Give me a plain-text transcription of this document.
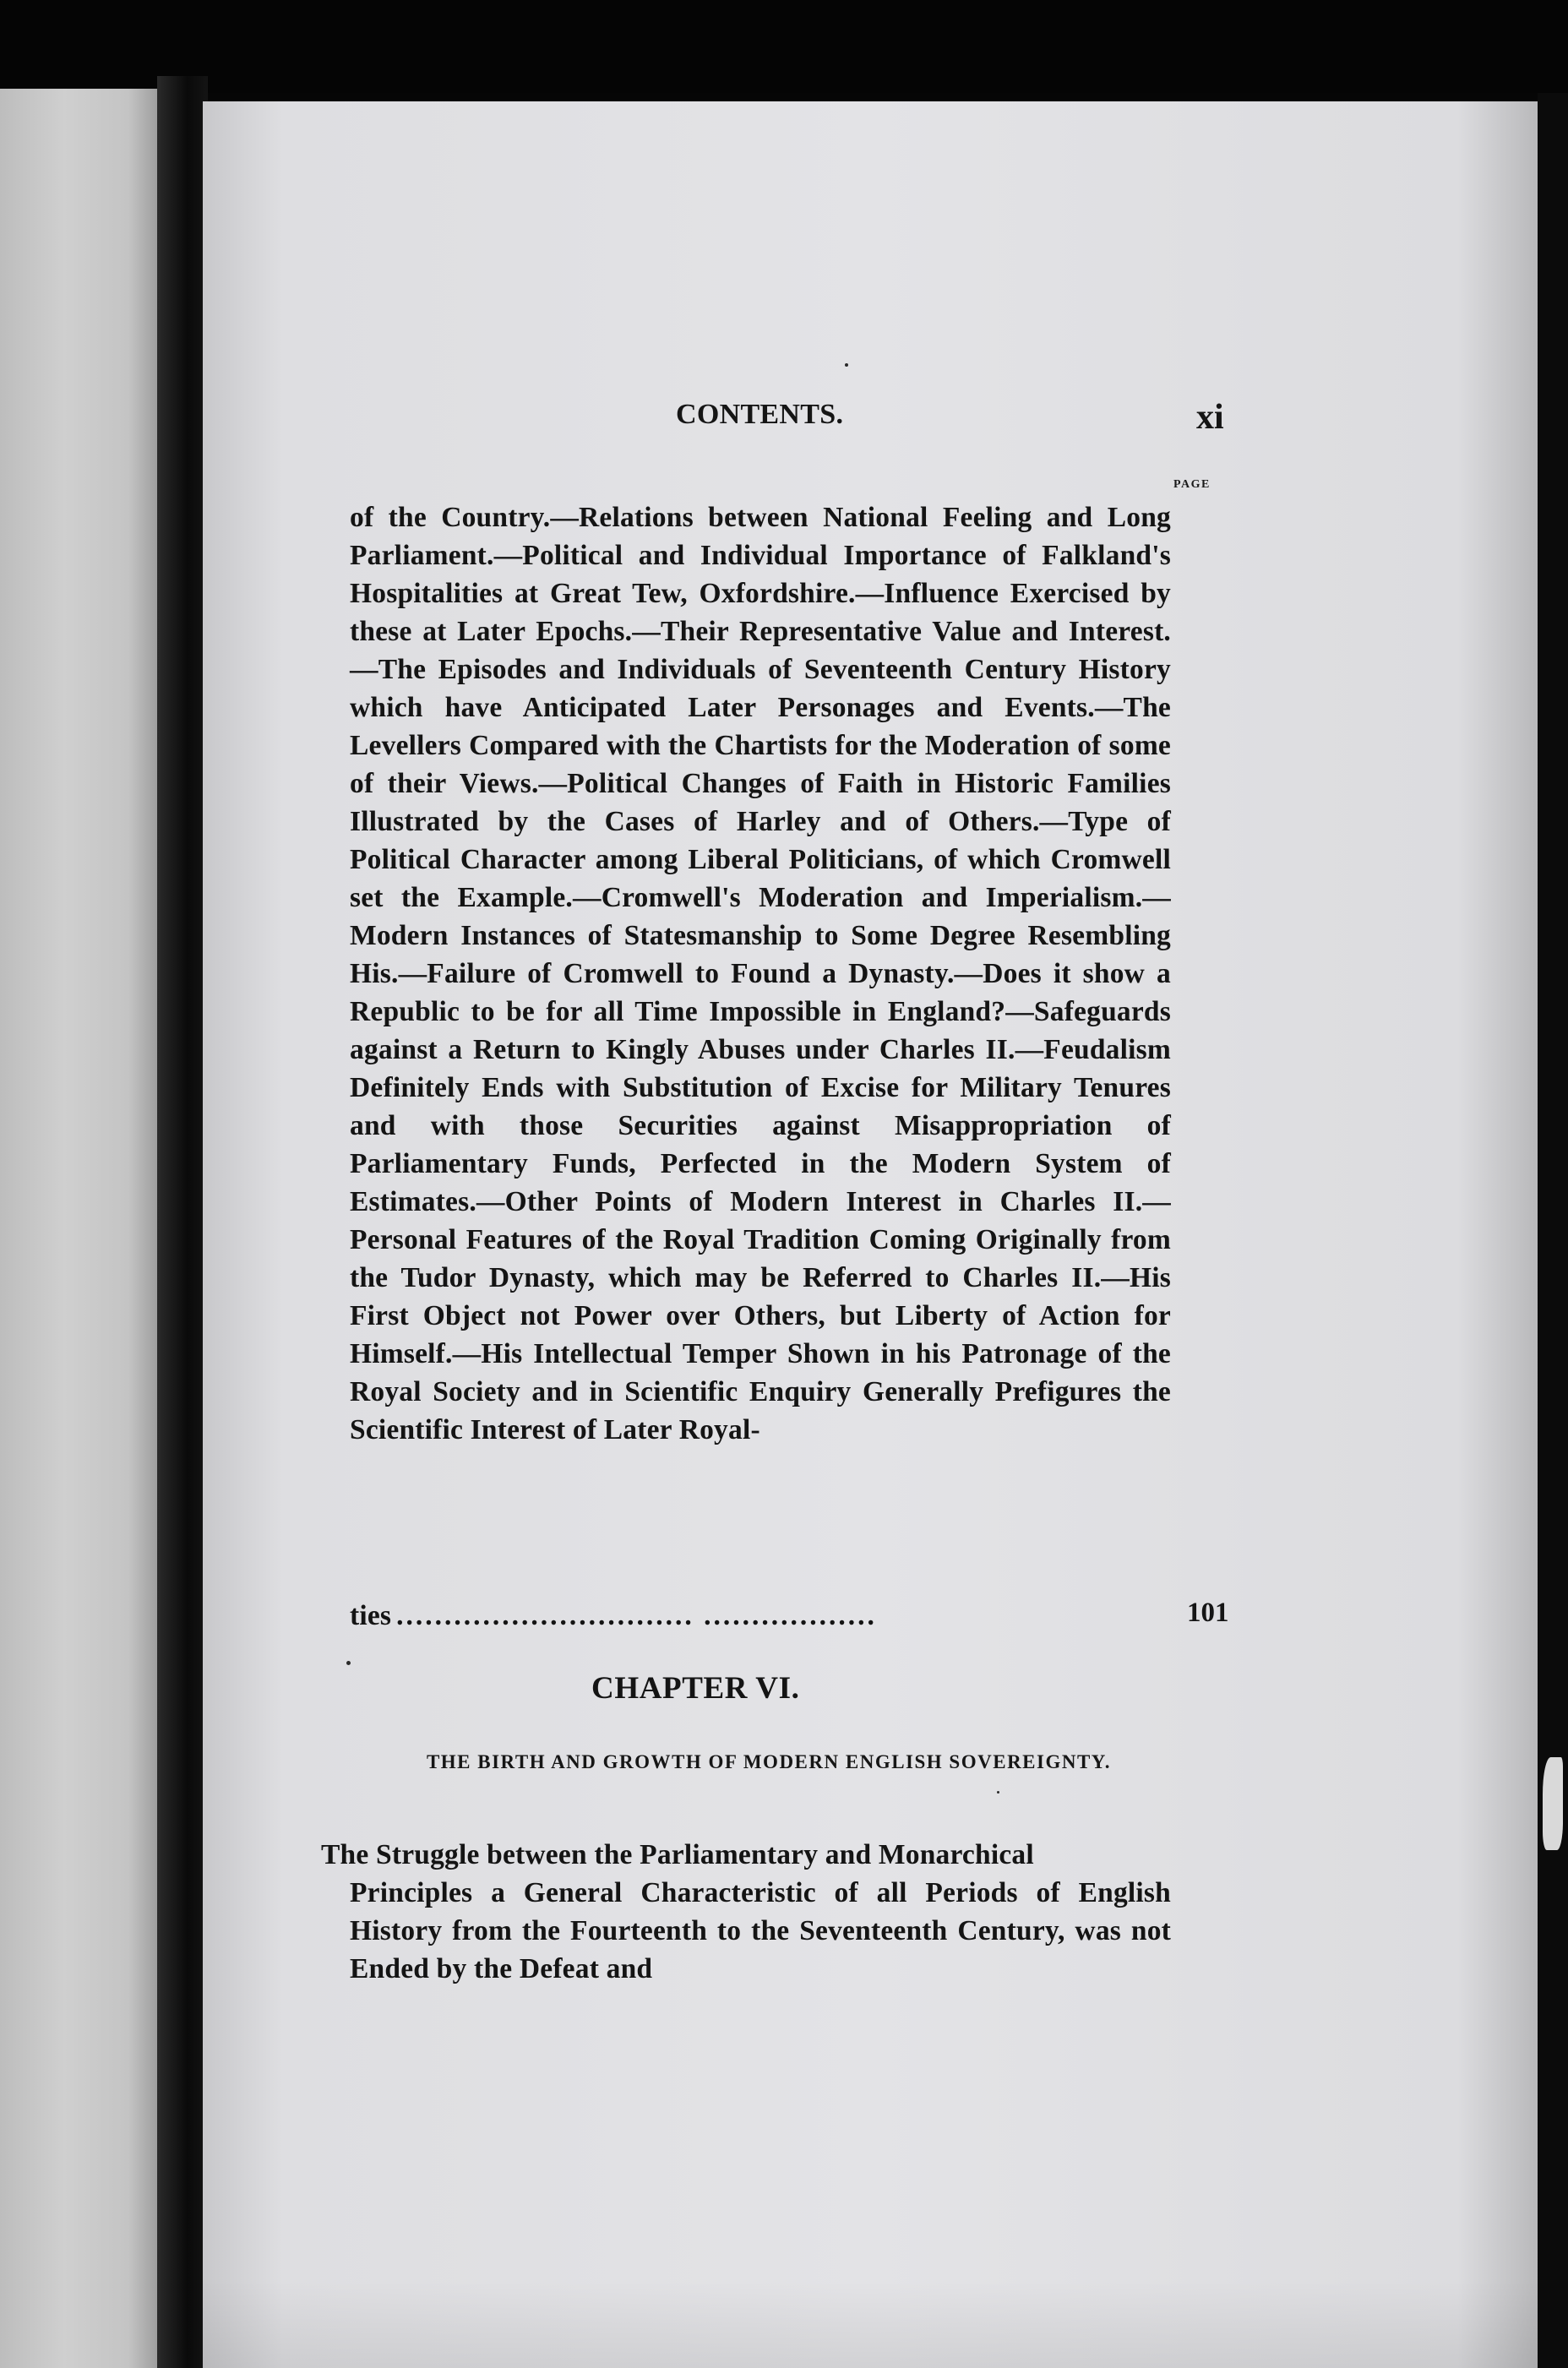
CONTENTS.	xi
PAGE
of the Country.—Relations between National Feeling and Long Parliament.—Political and Individual Importance of Falkland's Hospitalities at Great Tew, Oxfordshire.—Influence Exercised by these at Later Epochs.—Their Representative Value and Interest.—The Episodes and Individuals of Seventeenth Century History which have Anticipated Later Personages and Events.—The Levellers Compared with the Chartists for the Moderation of some of their Views.—Political Changes of Faith in Historic Families Illustrated by the Cases of Harley and of Others.—Type of Political Character among Liberal Politicians, of which Cromwell set the Example.—Cromwell's Moderation and Imperialism.—Modern Instances of Statesmanship to Some Degree Resembling His.—Failure of Cromwell to Found a Dynasty.—Does it show a Republic to be for all Time Impossible in England?—Safeguards against a Return to Kingly Abuses under Charles II.—Feudalism Definitely Ends with Substitution of Excise for Military Tenures and with those Securities against Misappropriation of Parliamentary Funds, Perfected in the Modern System of Estimates.—Other Points of Modern Interest in Charles II.—Personal Features of the Royal Tradition Coming Originally from the Tudor Dynasty, which may be Referred to Charles II.—His First Object not Power over Others, but Liberty of Action for Himself.—His Intellectual Temper Shown in his Patronage of the Royal Society and in Scientific Enquiry Generally Prefigures the Scientific Interest of Later Royal-
ties ............................... ..................	101
CHAPTER VI.
THE BIRTH AND GROWTH OF MODERN ENGLISH SOVEREIGNTY.
The Struggle between the Parliamentary and Monarchical
Principles a General Characteristic of all Periods of English History from the Fourteenth to the Seventeenth Century, was not Ended by the Defeat and
